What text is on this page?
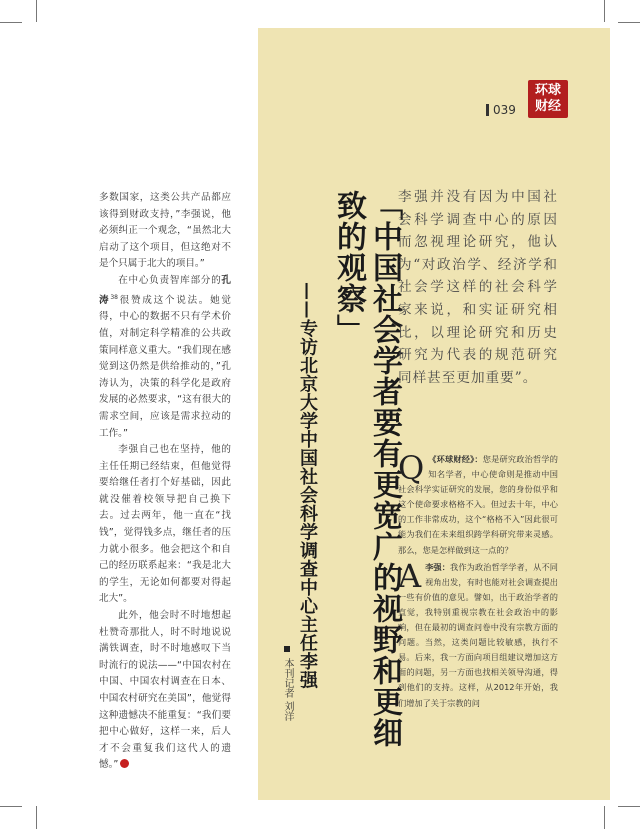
环球
财经
039

多数国家，这类公共产品都应该得到财政支持，”李强说，他必须纠正一个观念，“虽然北大启动了这个项目，但这绝对不是个只属于北大的项目。”

在中心负责智库部分的孔涛$^{38}$很赞成这个说法。她觉得，中心的数据不只有学术价值，对制定科学精准的公共政策同样意义重大。“我们现在感觉到这仍然是供给推动的，”孔涛认为，决策的科学化是政府发展的必然要求，“这有很大的需求空间，应该是需求拉动的工作。”

李强自己也在坚持，他的主任任期已经结束，但他觉得要给继任者打个好基础，因此就没催着校领导把自己换下去。过去两年，他一直在“找钱”，觉得钱多点，继任者的压力就小很多。他会把这个和自己的经历联系起来：“我是北大的学生，无论如何都要对得起北大”。

此外，他会时不时地想起杜赞奇那批人，时不时地说说满铁调查，时不时地感叹下当时流行的说法——“中国农村在中国、中国农村调查在日本、中国农村研究在美国”，他觉得这种遗憾决不能重复：“我们要把中心做好，这样一来，后人才不会重复我们这代人的遗憾。”

「中国社会学者要有更宽广的视野和更细致的观察」
——专访北京大学中国社会科学调查中心主任李强
本刊记者 刘洋
李强并没有因为中国社会科学调查中心的原因而忽视理论研究，他认为“对政治学、经济学和社会学这样的社会科学家来说，和实证研究相比，以理论研究和历史研究为代表的规范研究同样甚至更加重要”。

Q 《环球财经》：您是研究政治哲学的知名学者，中心使命则是推动中国社会科学实证研究的发展，您的身份似乎和这个使命要求格格不入。但过去十年，中心的工作非常成功，这个“格格不入”因此很可能为我们在未来组织跨学科研究带来灵感。那么，您是怎样做到这一点的？

A李强：我作为政治哲学学者，从不同视角出发，有时也能对社会调查提出一些有价值的意见。譬如，出于政治学者的直觉，我特别重视宗教在社会政治中的影响，但在最初的调查问卷中没有宗教方面的问题。当然，这类问题比较敏感，执行不易。后来，我一方面向项目组建议增加这方面的问题，另一方面也找相关领导沟通，得到他们的支持。这样，从2012年开始，我们增加了关于宗教的问
